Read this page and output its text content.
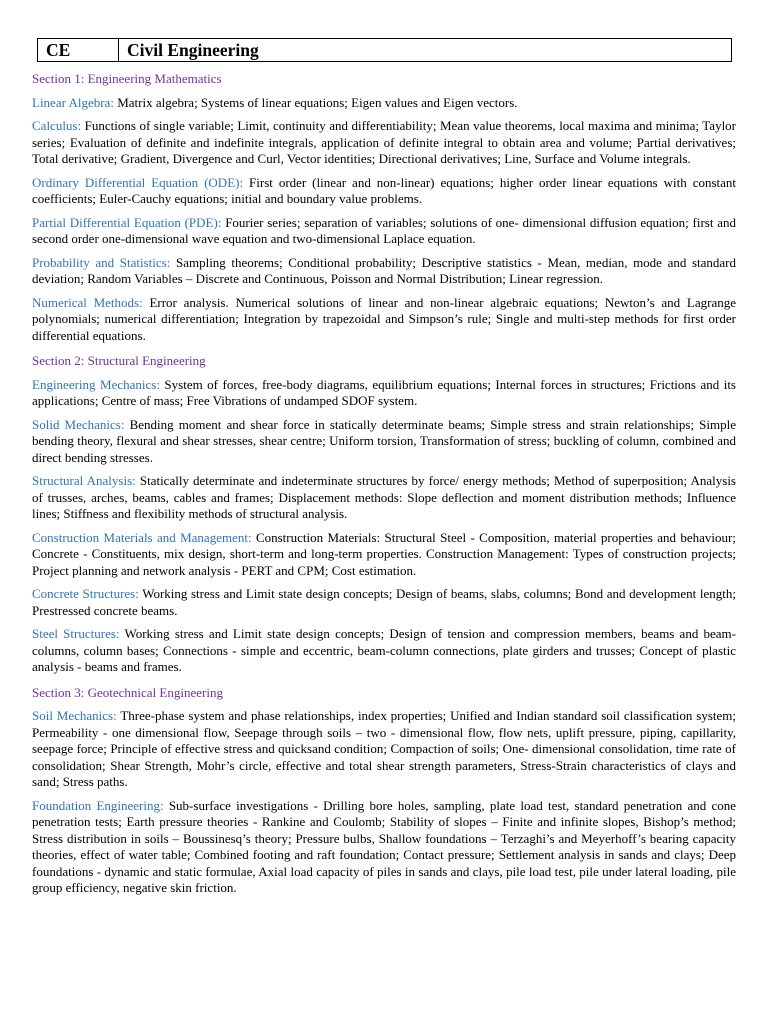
CE	Civil Engineering
Section 1: Engineering Mathematics
Linear Algebra: Matrix algebra; Systems of linear equations; Eigen values and Eigen vectors.
Calculus: Functions of single variable; Limit, continuity and differentiability; Mean value theorems, local maxima and minima; Taylor series; Evaluation of definite and indefinite integrals, application of definite integral to obtain area and volume; Partial derivatives; Total derivative; Gradient, Divergence and Curl, Vector identities; Directional derivatives; Line, Surface and Volume integrals.
Ordinary Differential Equation (ODE): First order (linear and non-linear) equations; higher order linear equations with constant coefficients; Euler-Cauchy equations; initial and boundary value problems.
Partial Differential Equation (PDE): Fourier series; separation of variables; solutions of one- dimensional diffusion equation; first and second order one-dimensional wave equation and two-dimensional Laplace equation.
Probability and Statistics: Sampling theorems; Conditional probability; Descriptive statistics - Mean, median, mode and standard deviation; Random Variables – Discrete and Continuous, Poisson and Normal Distribution; Linear regression.
Numerical Methods: Error analysis. Numerical solutions of linear and non-linear algebraic equations; Newton’s and Lagrange polynomials; numerical differentiation; Integration by trapezoidal and Simpson’s rule; Single and multi-step methods for first order differential equations.
Section 2: Structural Engineering
Engineering Mechanics: System of forces, free-body diagrams, equilibrium equations; Internal forces in structures; Frictions and its applications; Centre of mass; Free Vibrations of undamped SDOF system.
Solid Mechanics: Bending moment and shear force in statically determinate beams; Simple stress and strain relationships; Simple bending theory, flexural and shear stresses, shear centre; Uniform torsion, Transformation of stress; buckling of column, combined and direct bending stresses.
Structural Analysis: Statically determinate and indeterminate structures by force/ energy methods; Method of superposition; Analysis of trusses, arches, beams, cables and frames; Displacement methods: Slope deflection and moment distribution methods; Influence lines; Stiffness and flexibility methods of structural analysis.
Construction Materials and Management: Construction Materials: Structural Steel - Composition, material properties and behaviour; Concrete - Constituents, mix design, short-term and long-term properties. Construction Management: Types of construction projects; Project planning and network analysis - PERT and CPM; Cost estimation.
Concrete Structures: Working stress and Limit state design concepts; Design of beams, slabs, columns; Bond and development length; Prestressed concrete beams.
Steel Structures: Working stress and Limit state design concepts; Design of tension and compression members, beams and beam- columns, column bases; Connections - simple and eccentric, beam-column connections, plate girders and trusses; Concept of plastic analysis - beams and frames.
Section 3: Geotechnical Engineering
Soil Mechanics: Three-phase system and phase relationships, index properties; Unified and Indian standard soil classification system; Permeability - one dimensional flow, Seepage through soils – two - dimensional flow, flow nets, uplift pressure, piping, capillarity, seepage force; Principle of effective stress and quicksand condition; Compaction of soils; One- dimensional consolidation, time rate of consolidation; Shear Strength, Mohr’s circle, effective and total shear strength parameters, Stress-Strain characteristics of clays and sand; Stress paths.
Foundation Engineering: Sub-surface investigations - Drilling bore holes, sampling, plate load test, standard penetration and cone penetration tests; Earth pressure theories - Rankine and Coulomb; Stability of slopes – Finite and infinite slopes, Bishop’s method; Stress distribution in soils – Boussinesq’s theory; Pressure bulbs, Shallow foundations – Terzaghi’s and Meyerhoff’s bearing capacity theories, effect of water table; Combined footing and raft foundation; Contact pressure; Settlement analysis in sands and clays; Deep foundations - dynamic and static formulae, Axial load capacity of piles in sands and clays, pile load test, pile under lateral loading, pile group efficiency, negative skin friction.
